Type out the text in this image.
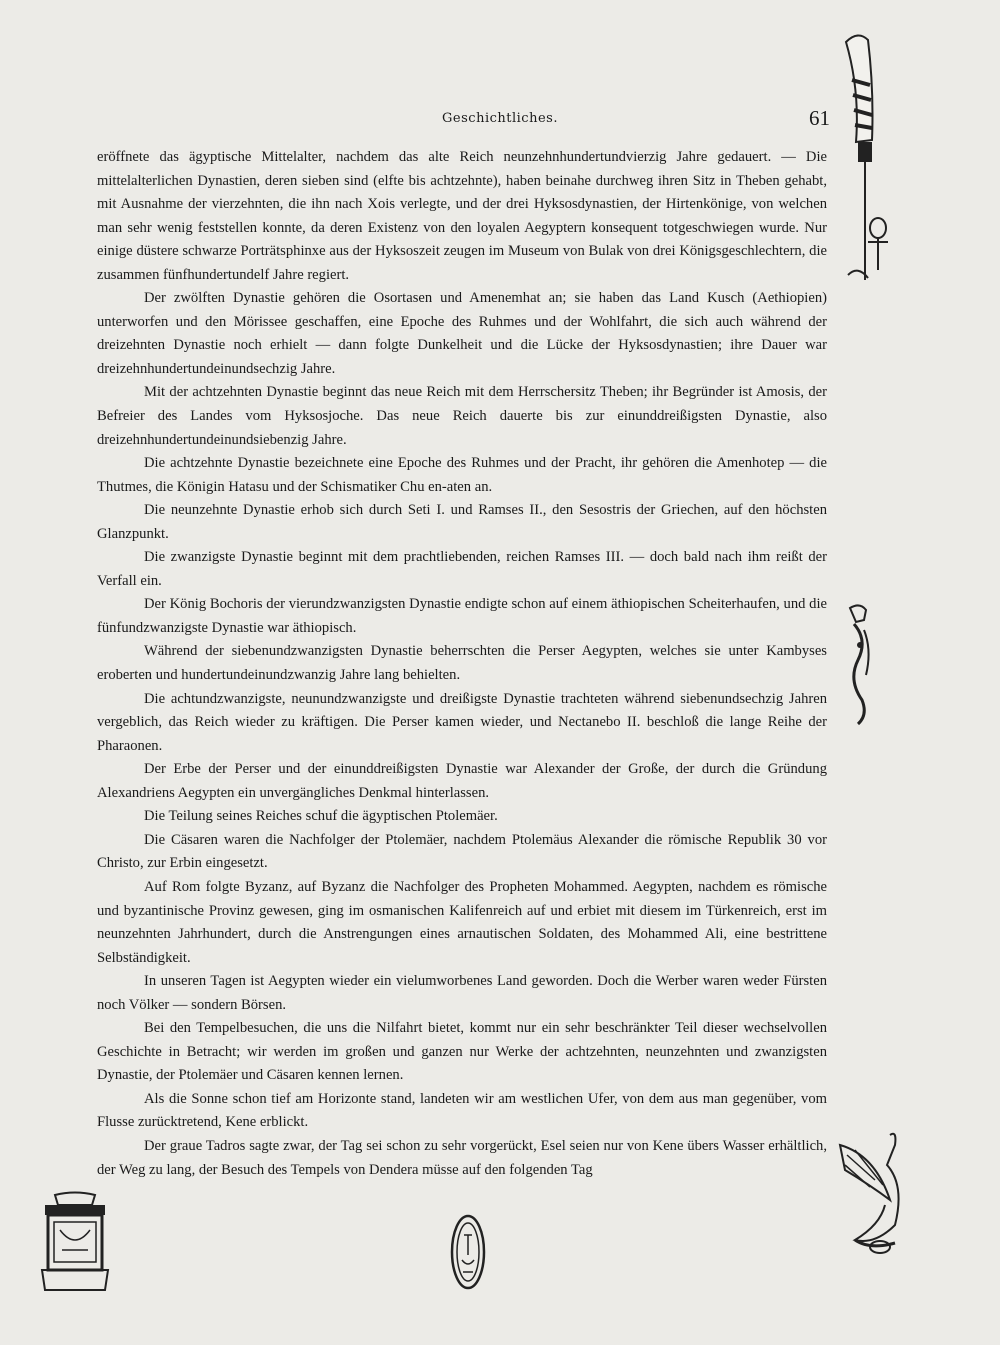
Geschichtliches.	61

eröffnete das ägyptische Mittelalter, nachdem das alte Reich neunzehnhundertundvierzig Jahre gedauert. — Die mittelalterlichen Dynastien, deren sieben sind (elfte bis achtzehnte), haben beinahe durchweg ihren Sitz in Theben gehabt, mit Ausnahme der vierzehnten, die ihn nach Xois verlegte, und der drei Hyksosdynastien, der Hirtenkönige, von welchen man sehr wenig feststellen konnte, da deren Existenz von den loyalen Aegyptern konsequent totgeschwiegen wurde. Nur einige düstere schwarze Porträtsphinxe aus der Hyksoszeit zeugen im Museum von Bulak von drei Königsgeschlechtern, die zusammen fünfhundertundelf Jahre regiert.

Der zwölften Dynastie gehören die Osortasen und Amenemhat an; sie haben das Land Kusch (Aethiopien) unterworfen und den Mörissee geschaffen, eine Epoche des Ruhmes und der Wohlfahrt, die sich auch während der dreizehnten Dynastie noch erhielt — dann folgte Dunkelheit und die Lücke der Hyksosdynastien; ihre Dauer war dreizehnhundertundeinundsechzig Jahre.

Mit der achtzehnten Dynastie beginnt das neue Reich mit dem Herrschersitz Theben; ihr Begründer ist Amosis, der Befreier des Landes vom Hyksosjoche. Das neue Reich dauerte bis zur einunddreißigsten Dynastie, also dreizehnhundertundeinundsiebenzig Jahre.

Die achtzehnte Dynastie bezeichnete eine Epoche des Ruhmes und der Pracht, ihr gehören die Amenhotep — die Thutmes, die Königin Hatasu und der Schismatiker Chu en-aten an.

Die neunzehnte Dynastie erhob sich durch Seti I. und Ramses II., den Sesostris der Griechen, auf den höchsten Glanzpunkt.

Die zwanzigste Dynastie beginnt mit dem prachtliebenden, reichen Ramses III. — doch bald nach ihm reißt der Verfall ein.

Der König Bochoris der vierundzwanzigsten Dynastie endigte schon auf einem äthiopischen Scheiterhaufen, und die fünfundzwanzigste Dynastie war äthiopisch.

Während der siebenundzwanzigsten Dynastie beherrschten die Perser Aegypten, welches sie unter Kambyses eroberten und hundertundeinundzwanzig Jahre lang behielten.

Die achtundzwanzigste, neunundzwanzigste und dreißigste Dynastie trachteten während siebenundsechzig Jahren vergeblich, das Reich wieder zu kräftigen. Die Perser kamen wieder, und Nectanebo II. beschloß die lange Reihe der Pharaonen.

Der Erbe der Perser und der einunddreißigsten Dynastie war Alexander der Große, der durch die Gründung Alexandriens Aegypten ein unvergängliches Denkmal hinterlassen.

Die Teilung seines Reiches schuf die ägyptischen Ptolemäer.

Die Cäsaren waren die Nachfolger der Ptolemäer, nachdem Ptolemäus Alexander die römische Republik 30 vor Christo, zur Erbin eingesetzt.

Auf Rom folgte Byzanz, auf Byzanz die Nachfolger des Propheten Mohammed. Aegypten, nachdem es römische und byzantinische Provinz gewesen, ging im osmanischen Kalifenreich auf und erbiet mit diesem im Türkenreich, erst im neunzehnten Jahrhundert, durch die Anstrengungen eines arnautischen Soldaten, des Mohammed Ali, eine bestrittene Selbständigkeit.

In unseren Tagen ist Aegypten wieder ein vielumworbenes Land geworden. Doch die Werber waren weder Fürsten noch Völker — sondern Börsen.

Bei den Tempelbesuchen, die uns die Nilfahrt bietet, kommt nur ein sehr beschränkter Teil dieser wechselvollen Geschichte in Betracht; wir werden im großen und ganzen nur Werke der achtzehnten, neunzehnten und zwanzigsten Dynastie, der Ptolemäer und Cäsaren kennen lernen.

Als die Sonne schon tief am Horizonte stand, landeten wir am westlichen Ufer, von dem aus man gegenüber, vom Flusse zurücktretend, Kene erblickt.

Der graue Tadros sagte zwar, der Tag sei schon zu sehr vorgerückt, Esel seien nur von Kene übers Wasser erhältlich, der Weg zu lang, der Besuch des Tempels von Dendera müsse auf den folgenden Tag
